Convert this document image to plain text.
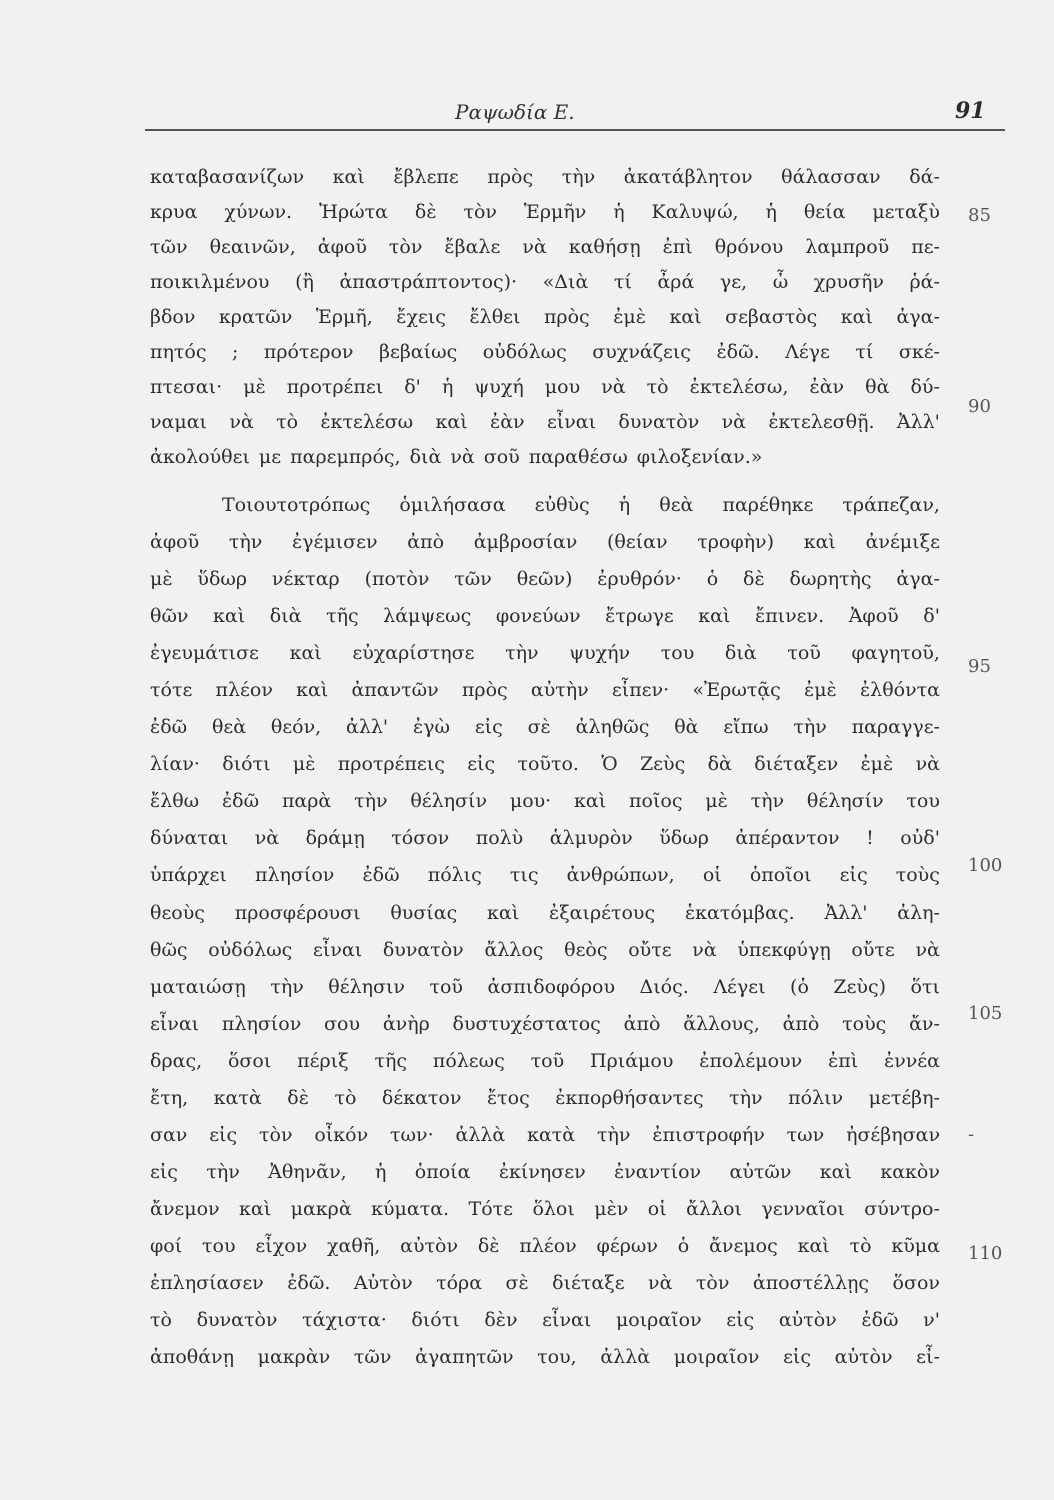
Ραψωδία Ε.	91
καταβασανίζων καὶ ἔβλεπε πρὸς τὴν ἀκατάβλητον θάλασσαν δά-
κρυα χύνων. Ἠρώτα δὲ τὸν Ἑρμῆν ἡ Καλυψώ, ἡ θεία μεταξὺ
τῶν θεαινῶν, ἀφοῦ τὸν ἔβαλε νὰ καθήσῃ ἐπὶ θρόνου λαμπροῦ πε-
ποικιλμένου (ἢ ἀπαστράπτοντος)· «Διὰ τί ἆρά γε, ὦ χρυσῆν ῥά-
βδον κρατῶν Ἑρμῆ, ἔχεις ἔλθει πρὸς ἐμὲ καὶ σεβαστὸς καὶ ἀγα-
πητός ; πρότερον βεβαίως οὐδόλως συχνάζεις ἐδῶ. Λέγε τί σκέ-
πτεσαι· μὲ προτρέπει δ' ἡ ψυχή μου νὰ τὸ ἐκτελέσω, ἐὰν θὰ δύ-
ναμαι νὰ τὸ ἐκτελέσω καὶ ἐὰν εἶναι δυνατὸν νὰ ἐκτελεσθῇ. Ἀλλ'
ἀκολούθει με παρεμπρός, διὰ νὰ σοῦ παραθέσω φιλοξενίαν.»
Τοιουτοτρόπως ὁμιλήσασα εὐθὺς ἡ θεὰ παρέθηκε τράπεζαν,
ἀφοῦ τὴν ἐγέμισεν ἀπὸ ἀμβροσίαν (θείαν τροφὴν) καὶ ἀνέμιξε
μὲ ὕδωρ νέκταρ (ποτὸν τῶν θεῶν) ἐρυθρόν· ὁ δὲ δωρητὴς ἀγα-
θῶν καὶ διὰ τῆς λάμψεως φονεύων ἔτρωγε καὶ ἔπινεν. Ἀφοῦ δ'
ἐγευμάτισε καὶ εὐχαρίστησε τὴν ψυχήν του διὰ τοῦ φαγητοῦ,
τότε πλέον καὶ ἀπαντῶν πρὸς αὐτὴν εἶπεν· «Ἐρωτᾷς ἐμὲ ἐλθόντα
ἐδῶ θεὰ θεόν, ἀλλ' ἐγὼ εἰς σὲ ἀληθῶς θὰ εἴπω τὴν παραγγε-
λίαν· διότι μὲ προτρέπεις εἰς τοῦτο. Ὁ Ζεὺς δὰ διέταξεν ἐμὲ νὰ
ἔλθω ἐδῶ παρὰ τὴν θέλησίν μου· καὶ ποῖος μὲ τὴν θέλησίν του
δύναται νὰ δράμῃ τόσον πολὺ ἁλμυρὸν ὕδωρ ἀπέραντον ! οὐδ'
ὑπάρχει πλησίον ἐδῶ πόλις τις ἀνθρώπων, οἱ ὁποῖοι εἰς τοὺς
θεοὺς προσφέρουσι θυσίας καὶ ἐξαιρέτους ἑκατόμβας. Ἀλλ' ἀλη-
θῶς οὐδόλως εἶναι δυνατὸν ἄλλος θεὸς οὔτε νὰ ὑπεκφύγῃ οὔτε νὰ
ματαιώσῃ τὴν θέλησιν τοῦ ἀσπιδοφόρου Διός. Λέγει (ὁ Ζεὺς) ὅτι
εἶναι πλησίον σου ἀνὴρ δυστυχέστατος ἀπὸ ἄλλους, ἀπὸ τοὺς ἄν-
δρας, ὅσοι πέριξ τῆς πόλεως τοῦ Πριάμου ἐπολέμουν ἐπὶ ἐννέα
ἔτη, κατὰ δὲ τὸ δέκατον ἔτος ἐκπορθήσαντες τὴν πόλιν μετέβη-
σαν εἰς τὸν οἶκόν των· ἀλλὰ κατὰ τὴν ἐπιστροφήν των ἠσέβησαν
εἰς τὴν Ἀθηνᾶν, ἡ ὁποία ἐκίνησεν ἐναντίον αὐτῶν καὶ κακὸν
ἄνεμον καὶ μακρὰ κύματα. Τότε ὅλοι μὲν οἱ ἄλλοι γενναῖοι σύντρο-
φοί του εἶχον χαθῆ, αὐτὸν δὲ πλέον φέρων ὁ ἄνεμος καὶ τὸ κῦμα
ἐπλησίασεν ἐδῶ. Αὐτὸν τόρα σὲ διέταξε νὰ τὸν ἀποστέλλῃς ὅσον
τὸ δυνατὸν τάχιστα· διότι δὲν εἶναι μοιραῖον εἰς αὐτὸν ἐδῶ ν'
ἀποθάνῃ μακρὰν τῶν ἀγαπητῶν του, ἀλλὰ μοιραῖον εἰς αὐτὸν εἶ-
85
90
95
100
105
-
110
